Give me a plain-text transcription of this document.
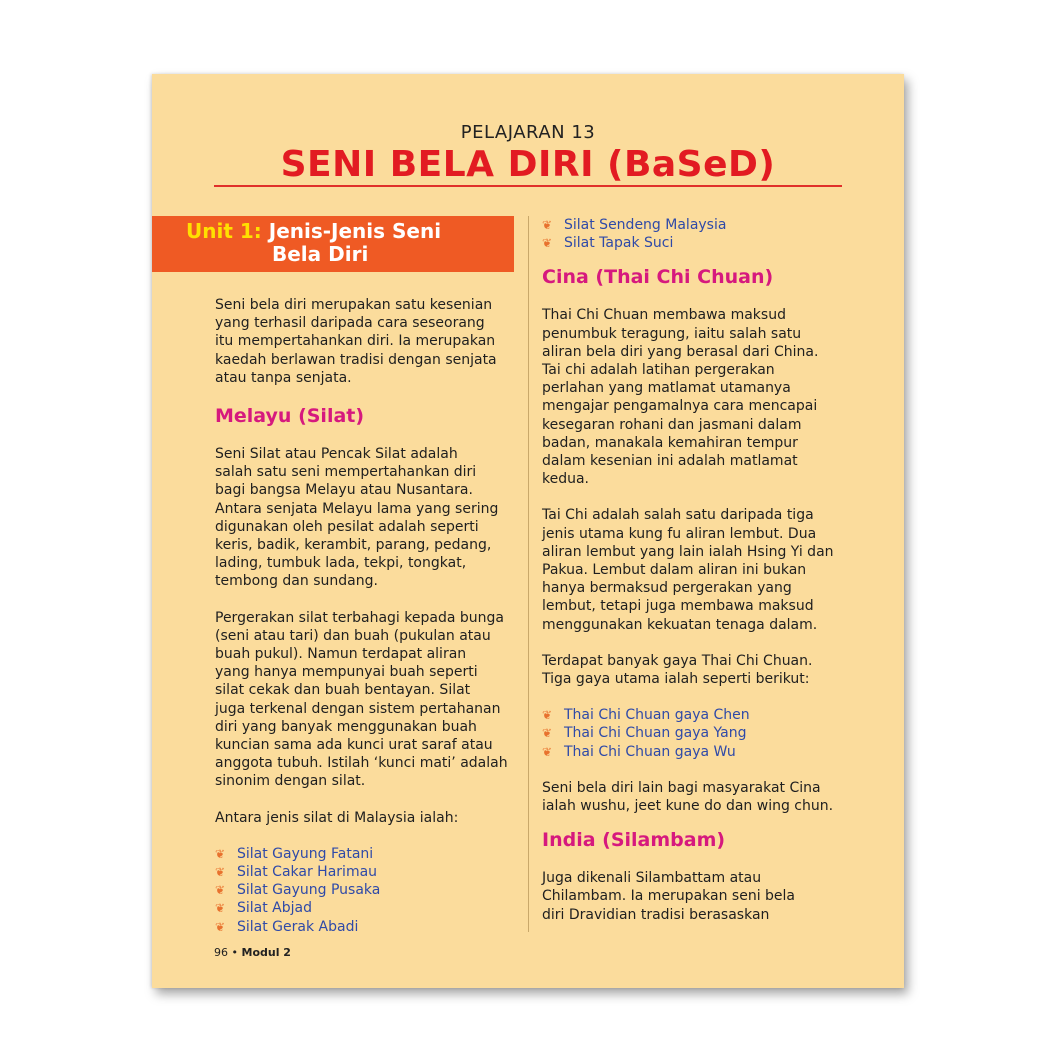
PELAJARAN 13
SENI BELA DIRI (BaSeD)
Unit 1: Jenis-Jenis Seni
Bela Diri

Seni bela diri merupakan satu kesenian

yang terhasil daripada cara seseorang

itu mempertahankan diri. Ia merupakan

kaedah berlawan tradisi dengan senjata

atau tanpa senjata.

Melayu (Silat)

Seni Silat atau Pencak Silat adalah

salah satu seni mempertahankan diri

bagi bangsa Melayu atau Nusantara.

Antara senjata Melayu lama yang sering

digunakan oleh pesilat adalah seperti

keris, badik, kerambit, parang, pedang,

lading, tumbuk lada, tekpi, tongkat,

tembong dan sundang.

Pergerakan silat terbahagi kepada bunga

(seni atau tari) dan buah (pukulan atau

buah pukul). Namun terdapat aliran

yang hanya mempunyai buah seperti

silat cekak dan buah bentayan. Silat

juga terkenal dengan sistem pertahanan

diri yang banyak menggunakan buah

kuncian sama ada kunci urat saraf atau

anggota tubuh. Istilah ‘kunci mati’ adalah

sinonim dengan silat.

Antara jenis silat di Malaysia ialah:

❦ Silat Gayung Fatani
❦ Silat Cakar Harimau
❦ Silat Gayung Pusaka
❦ Silat Abjad
❦ Silat Gerak Abadi
❦ Silat Sendeng Malaysia
❦ Silat Tapak Suci
Cina (Thai Chi Chuan)

Thai Chi Chuan membawa maksud

penumbuk teragung, iaitu salah satu

aliran bela diri yang berasal dari China.

Tai chi adalah latihan pergerakan

perlahan yang matlamat utamanya

mengajar pengamalnya cara mencapai

kesegaran rohani dan jasmani dalam

badan, manakala kemahiran tempur

dalam kesenian ini adalah matlamat

kedua.

Tai Chi adalah salah satu daripada tiga

jenis utama kung fu aliran lembut. Dua

aliran lembut yang lain ialah Hsing Yi dan

Pakua. Lembut dalam aliran ini bukan

hanya bermaksud pergerakan yang

lembut, tetapi juga membawa maksud

menggunakan kekuatan tenaga dalam.

Terdapat banyak gaya Thai Chi Chuan.

Tiga gaya utama ialah seperti berikut:

❦ Thai Chi Chuan gaya Chen
❦ Thai Chi Chuan gaya Yang
❦ Thai Chi Chuan gaya Wu

Seni bela diri lain bagi masyarakat Cina

ialah wushu, jeet kune do dan wing chun.

India (Silambam)

Juga dikenali Silambattam atau

Chilambam. Ia merupakan seni bela

diri Dravidian tradisi berasaskan

96 • Modul 2
